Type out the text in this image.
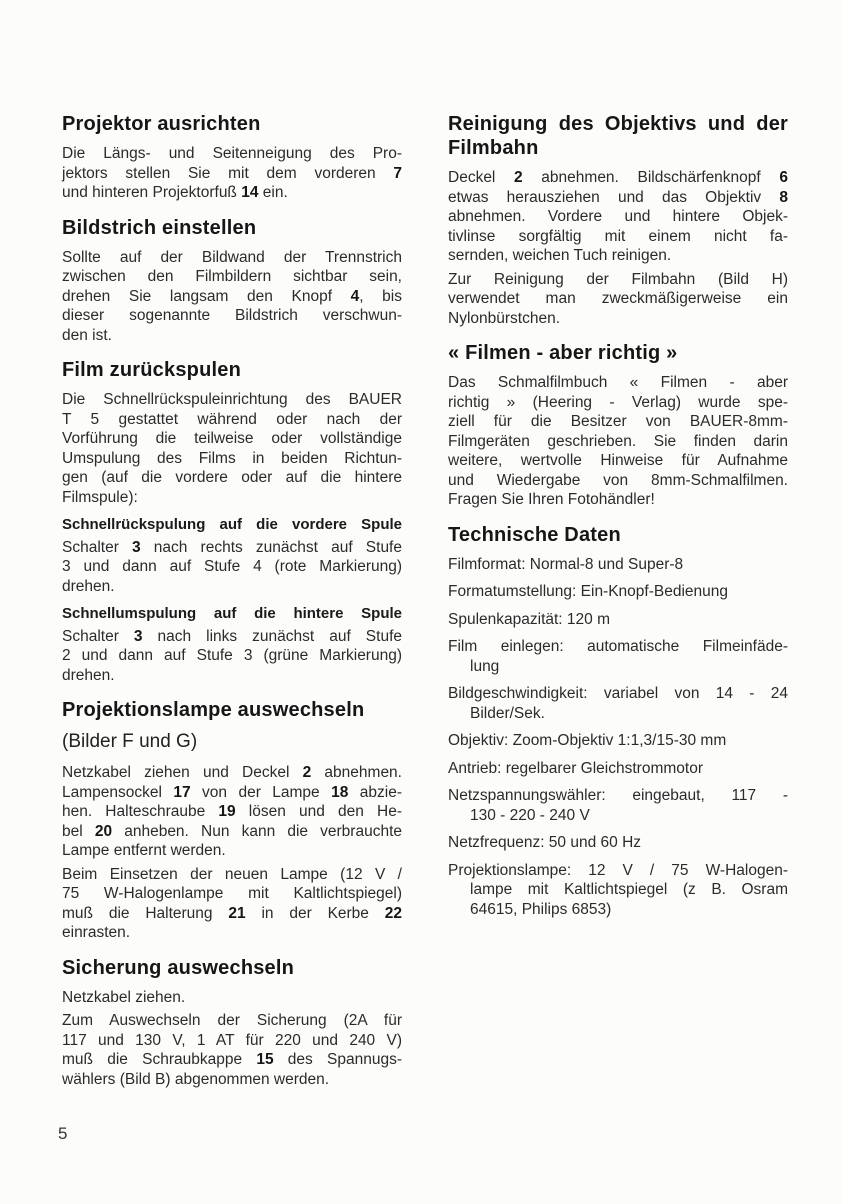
Projektor ausrichten
Die Längs- und Seitenneigung des Pro-
jektors stellen Sie mit dem vorderen 7
und hinteren Projektorfuß 14 ein.
Bildstrich einstellen
Sollte auf der Bildwand der Trennstrich
zwischen den Filmbildern sichtbar sein,
drehen Sie langsam den Knopf 4, bis
dieser sogenannte Bildstrich verschwun-
den ist.
Film zurückspulen
Die Schnellrückspuleinrichtung des BAUER
T 5 gestattet während oder nach der
Vorführung die teilweise oder vollständige
Umspulung des Films in beiden Richtun-
gen (auf die vordere oder auf die hintere
Filmspule):
Schnellrückspulung auf die vordere Spule
Schalter 3 nach rechts zunächst auf Stufe
3 und dann auf Stufe 4 (rote Markierung)
drehen.
Schnellumspulung auf die hintere Spule
Schalter 3 nach links zunächst auf Stufe
2 und dann auf Stufe 3 (grüne Markierung)
drehen.
Projektionslampe auswechseln
(Bilder F und G)
Netzkabel ziehen und Deckel 2 abnehmen.
Lampensockel 17 von der Lampe 18 abzie-
hen. Halteschraube 19 lösen und den He-
bel 20 anheben. Nun kann die verbrauchte
Lampe entfernt werden.
Beim Einsetzen der neuen Lampe (12 V /
75 W-Halogenlampe mit Kaltlichtspiegel)
muß die Halterung 21 in der Kerbe 22
einrasten.
Sicherung auswechseln
Netzkabel ziehen.
Zum Auswechseln der Sicherung (2A für
117 und 130 V, 1 AT für 220 und 240 V)
muß die Schraubkappe 15 des Spannugs-
wählers (Bild B) abgenommen werden.
Reinigung des Objektivs und der
Filmbahn
Deckel 2 abnehmen. Bildschärfenknopf 6
etwas herausziehen und das Objektiv 8
abnehmen. Vordere und hintere Objek-
tivlinse sorgfältig mit einem nicht fa-
sernden, weichen Tuch reinigen.
Zur Reinigung der Filmbahn (Bild H)
verwendet man zweckmäßigerweise ein
Nylonbürstchen.
« Filmen - aber richtig »
Das Schmalfilmbuch « Filmen - aber
richtig » (Heering - Verlag) wurde spe-
ziell für die Besitzer von BAUER-8mm-
Filmgeräten geschrieben. Sie finden darin
weitere, wertvolle Hinweise für Aufnahme
und Wiedergabe von 8mm-Schmalfilmen.
Fragen Sie Ihren Fotohändler!
Technische Daten
Filmformat: Normal-8 und Super-8
Formatumstellung: Ein-Knopf-Bedienung
Spulenkapazität: 120 m
Film einlegen: automatische Filmeinfäde-
lung
Bildgeschwindigkeit: variabel von 14 - 24
Bilder/Sek.
Objektiv: Zoom-Objektiv 1:1,3/15-30 mm
Antrieb: regelbarer Gleichstrommotor
Netzspannungswähler: eingebaut, 117 -
130 - 220 - 240 V
Netzfrequenz: 50 und 60 Hz
Projektionslampe: 12 V / 75 W-Halogen-
lampe mit Kaltlichtspiegel (z B. Osram
64615, Philips 6853)
5
